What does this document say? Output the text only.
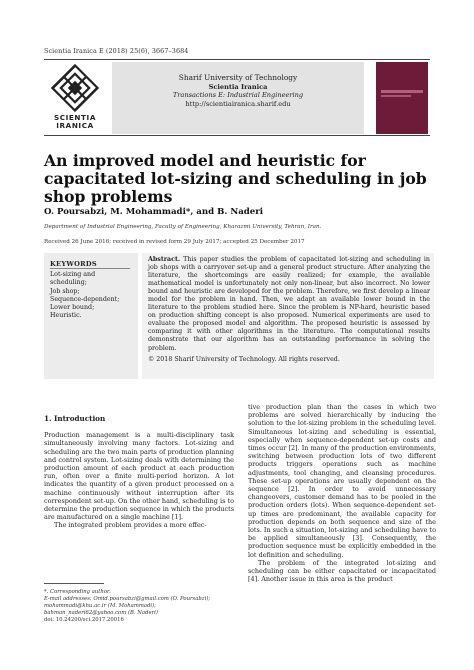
Scientia Iranica E (2018) 25(6), 3667–3684
SCIENTIA
IRANICA
Sharif University of Technology
Scientia Iranica
Transactions E: Industrial Engineering
http://scientiairanica.sharif.edu
An improved model and heuristic for capacitated lot-sizing and scheduling in job shop problems
O. Poursabzi, M. Mohammadi*, and B. Naderi
Department of Industrial Engineering, Faculty of Engineering, Kharazmi University, Tehran, Iran.
Received 26 June 2016; received in revised form 29 July 2017; accepted 25 December 2017
KEYWORDS
Lot-sizing and
scheduling;
Job shop;
Sequence-dependent;
Lower bound;
Heuristic.
Abstract. This paper studies the problem of capacitated lot-sizing and scheduling in job shops with a carryover set-up and a general product structure. After analyzing the literature, the shortcomings are easily realized; for example, the available mathematical model is unfortunately not only non-linear, but also incorrect. No lower bound and heuristic are developed for the problem. Therefore, we first develop a linear model for the problem in hand. Then, we adapt an available lower bound in the literature to the problem studied here. Since the problem is NP-hard, heuristic based on production shifting concept is also proposed. Numerical experiments are used to evaluate the proposed model and algorithm. The proposed heuristic is assessed by comparing it with other algorithms in the literature. The computational results demonstrate that our algorithm has an outstanding performance in solving the problem.
© 2018 Sharif University of Technology. All rights reserved.
1. Introduction
Production management is a multi-disciplinary task simultaneously involving many factors. Lot-sizing and scheduling are the two main parts of production planning and control system. Lot-sizing deals with determining the production amount of each product at each production run, often over a finite multi-period horizon. A lot indicates the quantity of a given product processed on a machine continuously without interruption after its correspondent set-up. On the other hand, scheduling is to determine the production sequence in which the products are manufactured on a single machine [1].
The integrated problem provides a more effec-
tive production plan than the cases in which two problems are solved hierarchically by inducing the solution to the lot-sizing problem in the scheduling level. Simultaneous lot-sizing and scheduling is essential, especially when sequence-dependent set-up costs and times occur [2]. In many of the production environments, switching between production lots of two different products triggers operations such as machine adjustments, tool changing, and cleansing procedures. These set-up operations are usually dependent on the sequence [2]. In order to avoid unnecessary changeovers, customer demand has to be pooled in the production orders (lots). When sequence-dependent set-up times are predominant, the available capacity for production depends on both sequence and size of the lots. In such a situation, lot-sizing and scheduling have to be applied simultaneously [3]. Consequently, the production sequence must be explicitly embedded in the lot definition and scheduling.
The problem of the integrated lot-sizing and scheduling can be either capacitated or incapacitated [4]. Another issue in this area is the product
*. Corresponding author.
E-mail addresses: Omid.poursabzi@gmail.com (O. Poursabzi); mohammadi@khu.ac.ir (M. Mohammadi); bahman_naderi62@yahoo.com (B. Naderi)
doi: 10.24200/sci.2017.20016
